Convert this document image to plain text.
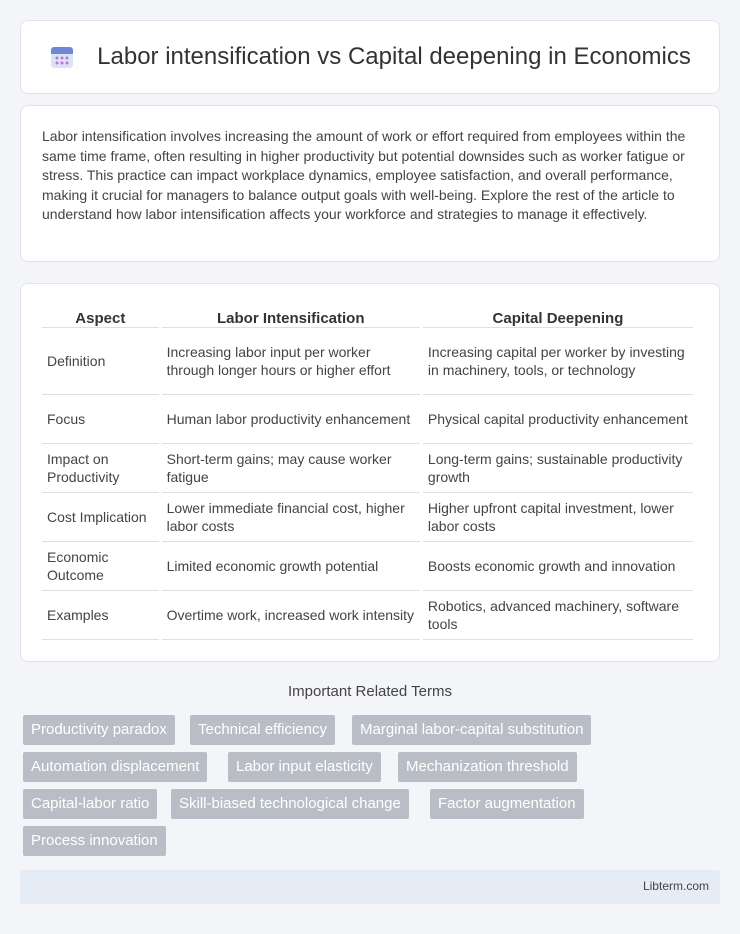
Labor intensification vs Capital deepening in Economics

Labor intensification involves increasing the amount of work or effort required from employees within the same time frame, often resulting in higher productivity but potential downsides such as worker fatigue or stress. This practice can impact workplace dynamics, employee satisfaction, and overall performance, making it crucial for managers to balance output goals with well-being. Explore the rest of the article to understand how labor intensification affects your workforce and strategies to manage it effectively.

Aspect	Labor Intensification	Capital Deepening
Definition	Increasing labor input per worker through longer hours or higher effort	Increasing capital per worker by investing in machinery, tools, or technology
Focus	Human labor productivity enhancement	Physical capital productivity enhancement
Impact on Productivity	Short-term gains; may cause worker fatigue	Long-term gains; sustainable productivity growth
Cost Implication	Lower immediate financial cost, higher labor costs	Higher upfront capital investment, lower labor costs
Economic Outcome	Limited economic growth potential	Boosts economic growth and innovation
Examples	Overtime work, increased work intensity	Robotics, advanced machinery, software tools
Important Related Terms
Productivity paradox	Technical efficiency	Marginal labor-capital substitution
Automation displacement	Labor input elasticity	Mechanization threshold
Capital-labor ratio	Skill-biased technological change	Factor augmentation
Process innovation
Libterm.com
